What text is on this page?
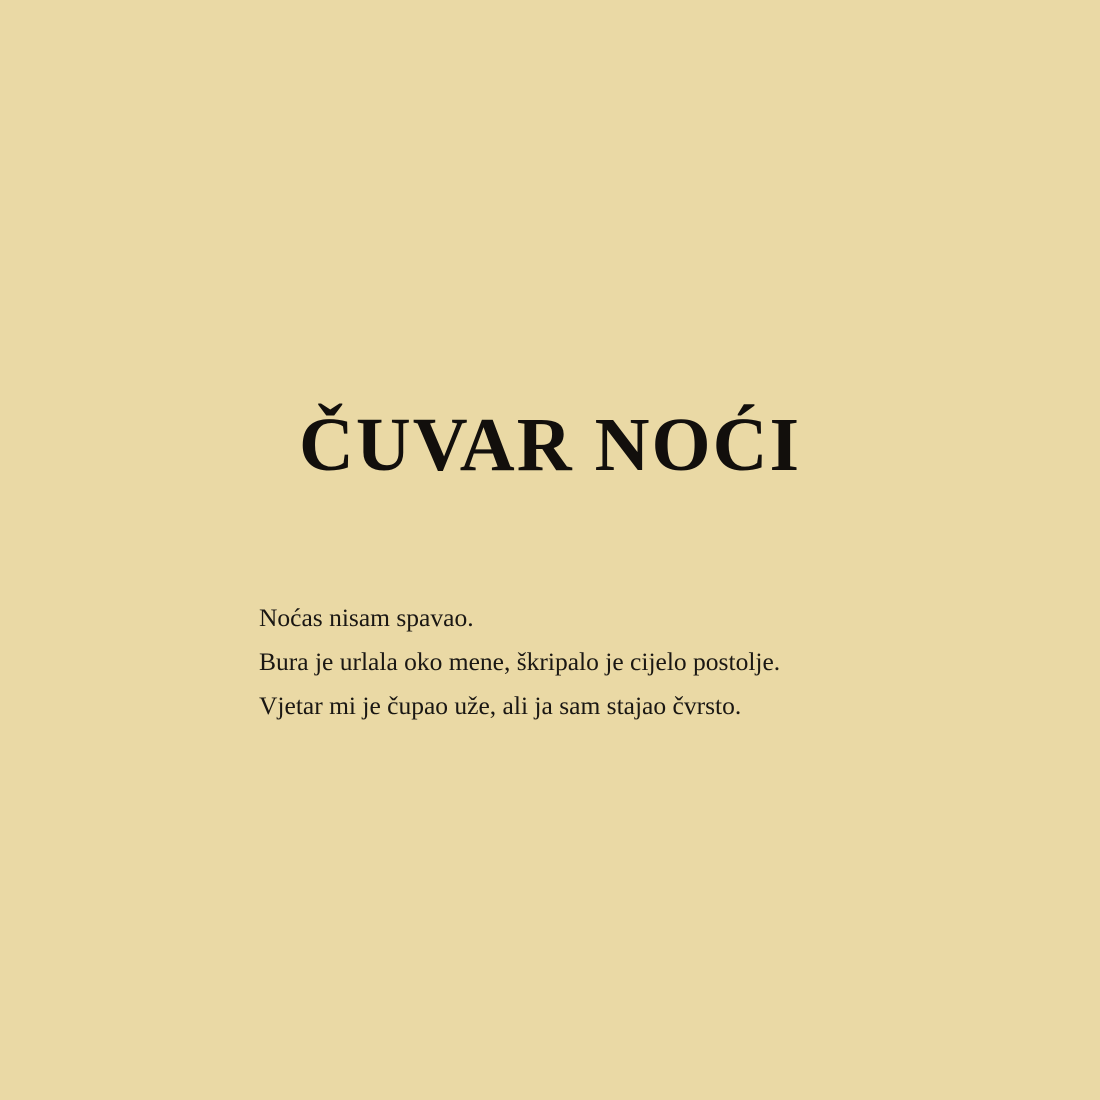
ČUVAR NOĆI
Noćas nisam spavao.
Bura je urlala oko mene, škripalo je cijelo postolje.
Vjetar mi je čupao uže, ali ja sam stajao čvrsto.
